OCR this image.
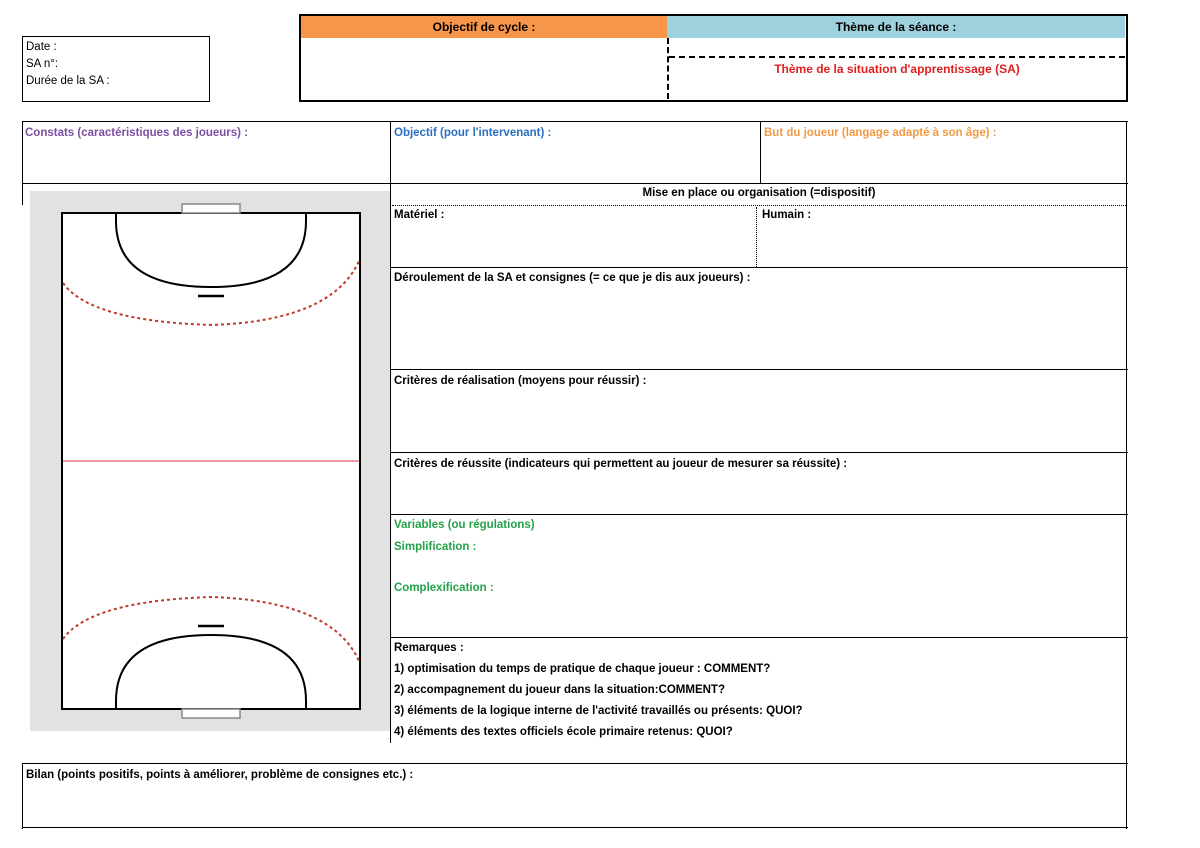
Date :
SA n°:
Durée de la SA :
Objectif de cycle :	Thème de la séance :
Thème de la situation d'apprentissage (SA)
Constats (caractéristiques des joueurs) :	Objectif (pour l'intervenant) :	But du joueur (langage adapté à son âge) :
Mise en place ou organisation (=dispositif)
Matériel :	Humain :
Déroulement de la SA et consignes (= ce que je dis aux joueurs) :
Critères de réalisation (moyens pour réussir) :
Critères de réussite (indicateurs qui permettent au joueur de mesurer sa réussite) :
Variables (ou régulations)
Simplification :
Complexification :
Remarques :
1) optimisation du temps de pratique de chaque joueur : COMMENT?
2) accompagnement du joueur dans la situation:COMMENT?
3) éléments de la logique interne de l'activité travaillés ou présents: QUOI?
4) éléments des textes officiels école primaire retenus: QUOI?
Bilan (points positifs, points à améliorer, problème de consignes etc.) :
